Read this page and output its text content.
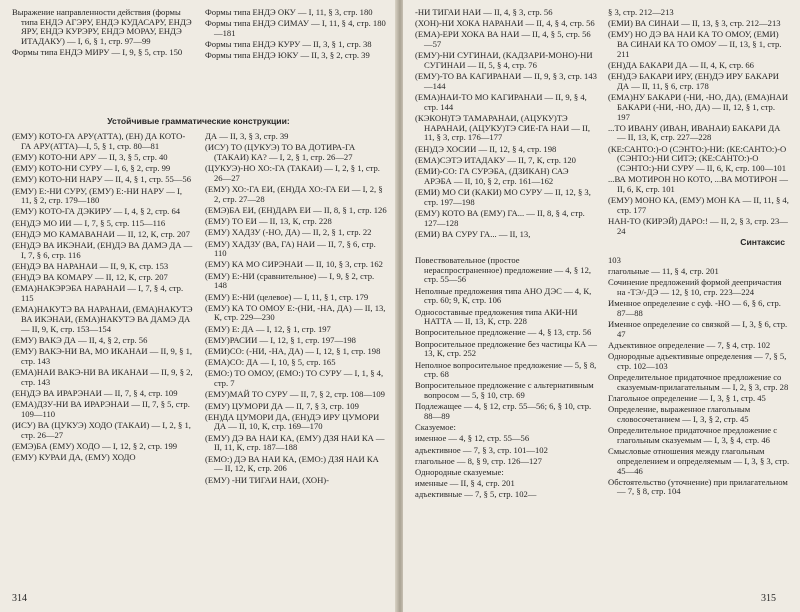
Выражение направленности действия (формы типа ЕНДЭ АГЭРУ, ЕНДЭ КУДАСАРУ, ЕНДЭ ЯРУ, ЕНДЭ КУРЭРУ, ЕНДЭ МОРАУ, ЕНДЭ ИТАДАКУ) — I, 6, § 1, стр. 97—99
Формы типа ЕНДЭ МИРУ — I, 9, § 5, стр. 150
Формы типа ЕНДЭ ОКУ — I, 11, § 3, стр. 180
Формы типа ЕНДЭ СИМАУ — I, 11, § 4, стр. 180—181
Формы типа ЕНДЭ КУРУ — II, 3, § 1, стр. 38
Формы типа ЕНДЭ ЮКУ — II, 3, § 2, стр. 39
Устойчивые грамматические конструкции:
(ЕМУ) КОТО-ГА АРУ(АТТА), (ЕН) ДА КОТО-ГА АРУ(АТТА)—I, 5, § 1, стр. 80—81
(ЕМУ) КОТО-НИ АРУ — II, 3, § 5, стр. 40
(ЕМУ) КОТО-НИ СУРУ — I, 6, § 2, стр. 99
(ЕМУ) КОТО-НИ НАРУ — II, 4, § 1, стр. 55—56
(ЕМУ) Е:-НИ СУРУ, (ЕМУ) Е:-НИ НАРУ — I, 11, § 2, стр. 179—180
(ЕМУ) КОТО-ГА ДЭКИРУ — I, 4, § 2, стр. 64
(ЕН)ДЭ МО ИИ — I, 7, § 5, стр. 115—116
(ЕН)ДЭ МО КАМАВАНАИ — II, 12, К, стр. 207
(ЕН)ДЭ ВА ИКЭНАИ, (ЕН)ДЭ ВА ДАМЭ ДА — I, 7, § 6, стр. 116
(ЕН)ДЭ ВА НАРАНАИ — II, 9, К, стр. 153
(ЕН)ДЭ ВА КОМАРУ — II, 12, К, стр. 207
(ЕМА)НАКЭРЭБА НАРАНАИ — I, 7, § 4, стр. 115
(ЕМА)НАКУТЭ ВА НАРАНАИ, (ЕМА)НАКУТЭ ВА ИКЭНАИ, (ЕМА)НАКУТЭ ВА ДАМЭ ДА — II, 9, К, стр. 153—154
(ЕМУ) ВАКЭ ДА — II, 4, § 2, стр. 56
(ЕМУ) ВАКЭ-НИ ВА, МО ИКАНАИ — II, 9, § 1, стр. 143
(ЕМА)НАИ ВАКЭ-НИ ВА ИКАНАИ — II, 9, § 2, стр. 143
(ЕН)ДЭ ВА ИРАРЭНАИ — II, 7, § 4, стр. 109
(ЕМА)ДЗУ-НИ ВА ИРАРЭНАИ — II, 7, § 5, стр. 109—110
(ИСУ) ВА (ЦУКУЭ) ХОДО (ТАКАИ) — I, 2, § 1, стр. 26—27
(ЕМЭ)БА (ЕМУ) ХОДО — I, 12, § 2, стр. 199
(ЕМУ) КУРАИ ДА, (ЕМУ) ХОДО
ДА — II, 3, § 3, стр. 39
(ИСУ) ТО (ЦУКУЭ) ТО ВА ДОТИРА-ГА (ТАКАИ) КА? — I, 2, § 1, стр. 26—27
(ЦУКУЭ)-НО ХО:-ГА (ТАКАИ) — I, 2, § 1, стр. 26—27
(ЕМУ) ХО:-ГА ЕИ, (ЕН)ДА ХО:-ГА ЕИ — I, 2, § 2, стр. 27—28
(ЕМЭ)БА ЕИ, (ЕН)ДАРА ЕИ — II, 8, § 1, стр. 126
(ЕМУ) ТО ЕИ — II, 13, К, стр. 228
(ЕМУ) ХАДЗУ (-НО, ДА) — II, 2, § 1, стр. 22
(ЕМУ) ХАДЗУ (ВА, ГА) НАИ — II, 7, § 6, стр. 110
(ЕМУ) КА МО СИРЭНАИ — II, 10, § 3, стр. 162
(ЕМУ) Е:-НИ (сравнительное) — I, 9, § 2, стр. 148
(ЕМУ) Е:-НИ (целевое) — I, 11, § 1, стр. 179
(ЕМУ) КА ТО ОМОУ Е:-(НИ, -НА, ДА) — II, 13, К, стр. 229—230
(ЕМУ) Е: ДА — I, 12, § 1, стр. 197
(ЕМУ)РАСИИ — I, 12, § 1, стр. 197—198
(ЕМИ)СО: (-НИ, -НА, ДА) — I, 12, § 1, стр. 198
(ЕМА)СО: ДА — I, 10, § 5, стр. 165
(ЕМО:) ТО ОМОУ, (ЕМО:) ТО СУРУ — I, 1, § 4, стр. 7
(ЕМУ)МАЙ ТО СУРУ — II, 7, § 2, стр. 108—109
(ЕМУ) ЦУМОРИ ДА — II, 7, § 3, стр. 109
(ЕН)ДА ЦУМОРИ ДА, (ЕН)ДЭ ИРУ ЦУМОРИ ДА — II, 10, К, стр. 169—170
(ЕМУ) ДЭ ВА НАИ КА, (ЕМУ) ДЗЯ НАИ КА — II, 11, К, стр. 187—188
(ЕМО:) ДЭ ВА НАИ КА, (ЕМО:) ДЗЯ НАИ КА — II, 12, К, стр. 206
(ЕМУ) -НИ ТИГАИ НАИ, (ХОН)-
314
-НИ ТИГАИ НАИ — II, 4, § 3, стр. 56
(ХОН)-НИ ХОКА НАРАНАИ — II, 4, § 4, стр. 56
(ЕМА)-ЕРИ ХОКА ВА НАИ — II, 4, § 5, стр. 56—57
(ЕМУ)-НИ СУГИНАИ, (КАДЗАРИ-МОНО)-НИ СУГИНАИ — II, 5, § 4, стр. 76
(ЕМУ)-ТО ВА КАГИРАНАИ — II, 9, § 3, стр. 143—144
(ЕМА)НАИ-ТО МО КАГИРАНАИ — II, 9, § 4, стр. 144
(КЭКОН)ТЭ ТАМАРАНАИ, (АЦУКУ)ТЭ НАРАНАИ, (АЦУКУ)ТЭ СИЕ-ГА НАИ — II, 11, § 3, стр. 176—177
(ЕН)ДЭ ХОСИИ — II, 12, § 4, стр. 198
(ЕМА)СЭТЭ ИТАДАКУ — II, 7, К, стр. 120
(ЕМИ)-СО: ГА СУРЭБА, (ДЗИКАН) САЭ АРЭБА — II, 10, § 2, стр. 161—162
(ЕМИ) МО СИ (КАКИ) МО СУРУ — II, 12, § 3, стр. 197—198
(ЕМУ) КОТО ВА (ЕМУ) ГА... — II, 8, § 4, стр. 127—128
(ЕМИ) ВА СУРУ ГА... — II, 13,
§ 3, стр. 212—213
(ЕМИ) ВА СИНАИ — II, 13, § 3, стр. 212—213
(ЕМУ) НО ДЭ ВА НАИ КА ТО ОМОУ, (ЕМИ) ВА СИНАИ КА ТО ОМОУ — II, 13, § 1, стр. 211
(ЕН)ДА БАКАРИ ДА — II, 4, К, стр. 66
(ЕН)ДЭ БАКАРИ ИРУ, (ЕН)ДЭ ИРУ БАКАРИ ДА — II, 11, § 6, стр. 178
(ЕМА)НУ БАКАРИ (-НИ, -НО, ДА), (ЕМА)НАИ БАКАРИ (-НИ, -НО, ДА) — II, 12, § 1, стр. 197
...ТО ИВАНУ (ИВАН, ИВАНАИ) БАКАРИ ДА — II, 13, К, стр. 227—228
(КЕ:САНТО:)-О (СЭНТО:)-НИ: (КЕ:САНТО:)-О (СЭНТО:)-НИ СИТЭ; (КЕ:САНТО:)-О (СЭНТО:)-НИ СУРУ — II, 6, К, стр. 100—101
...ВА МОТИРОН НО КОТО, ...ВА МОТИРОН — II, 6, К, стр. 101
(ЕМУ) МОНО КА, (ЕМУ) МОН КА — II, 11, § 4, стр. 177
НАН-ТО (КИРЭЙ) ДАРО:! — II, 2, § 3, стр. 23—24
Синтаксис
Повествовательное (простое нераспространенное) предложение — 4, § 12, стр. 55—56
Неполные предложения типа АНО ДЭС — 4, К, стр. 60; 9, К, стр. 106
Односоставные предложения типа АКИ-НИ НАТТА — II, 13, К, стр. 228
Вопросительное предложение — 4, § 13, стр. 56
Вопросительное предложение без частицы КА — 13, К, стр. 252
Неполное вопросительное предложение — 5, § 8, стр. 68
Вопросительное предложение с альтернативным вопросом — 5, § 10, стр. 69
Подлежащее — 4, § 12, стр. 55—56; 6, § 10, стр. 88—89
Сказуемое:
именное — 4, § 12, стр. 55—56
адъективное — 7, § 3, стр. 101—102
глагольное — 8, § 9, стр. 126—127
Однородные сказуемые:
именные — II, § 4, стр. 201
адъективные — 7, § 5, стр. 102—
103
глагольные — 11, § 4, стр. 201
Сочинение предложений формой деепричастия на -ТЭ/-ДЭ — 12, § 10, стр. 223—224
Именное определение с суф. -НО — 6, § 6, стр. 87—88
Именное определение со связкой — I, 3, § 6, стр. 47
Адъективное определение — 7, § 4, стр. 102
Однородные адъективные определения — 7, § 5, стр. 102—103
Определительное придаточное предложение со сказуемым-прилагательным — I, 2, § 3, стр. 28
Глагольное определение — I, 3, § 1, стр. 45
Определение, выраженное глагольным словосочетанием — I, 3, § 2, стр. 45
Определительное придаточное предложение с глагольным сказуемым — I, 3, § 4, стр. 46
Смысловые отношения между глагольным определением и определяемым — I, 3, § 3, стр. 45—46
Обстоятельство (уточнение) при прилагательном — 7, § 8, стр. 104
315
